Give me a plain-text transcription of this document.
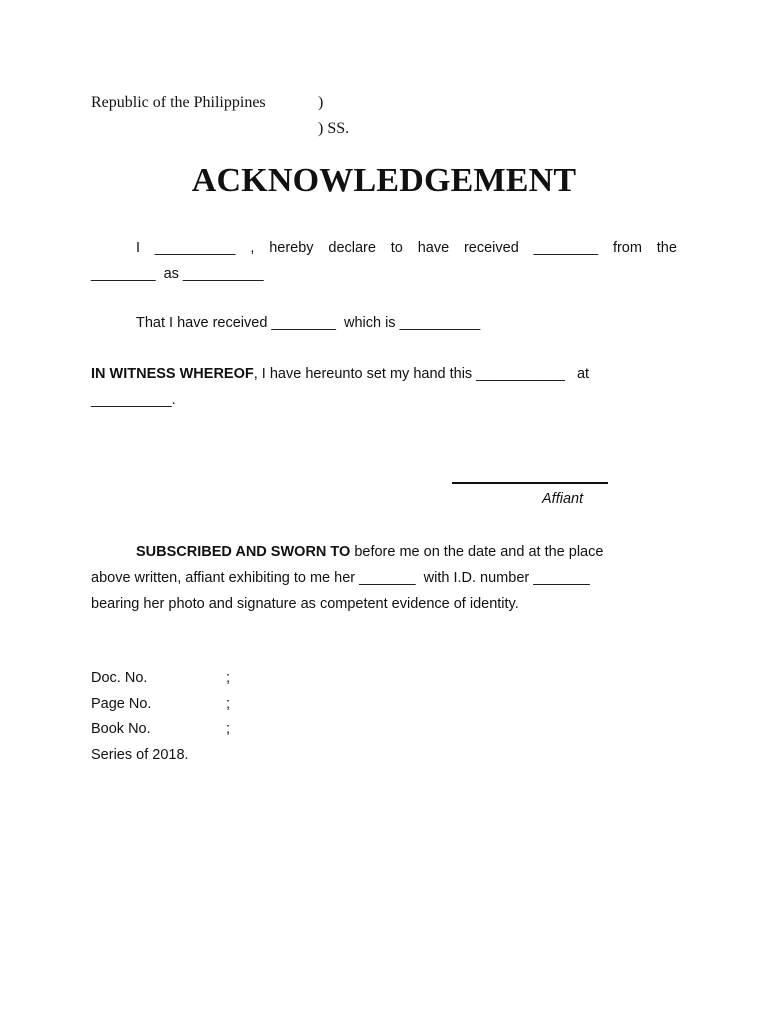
Republic of the Philippines	)

) SS.

ACKNOWLEDGEMENT
I __________ , hereby declare to have received ________ from the
________  as __________

That I have received ________  which is __________

IN WITNESS WHEREOF, I have hereunto set my hand this ___________   at
__________.

Affiant

SUBSCRIBED AND SWORN TO before me on the date and at the place
above written, affiant exhibiting to me her _______  with I.D. number _______
bearing her photo and signature as competent evidence of identity.
Doc. No.	;
Page No.	;
Book No.	;

Series of 2018.
